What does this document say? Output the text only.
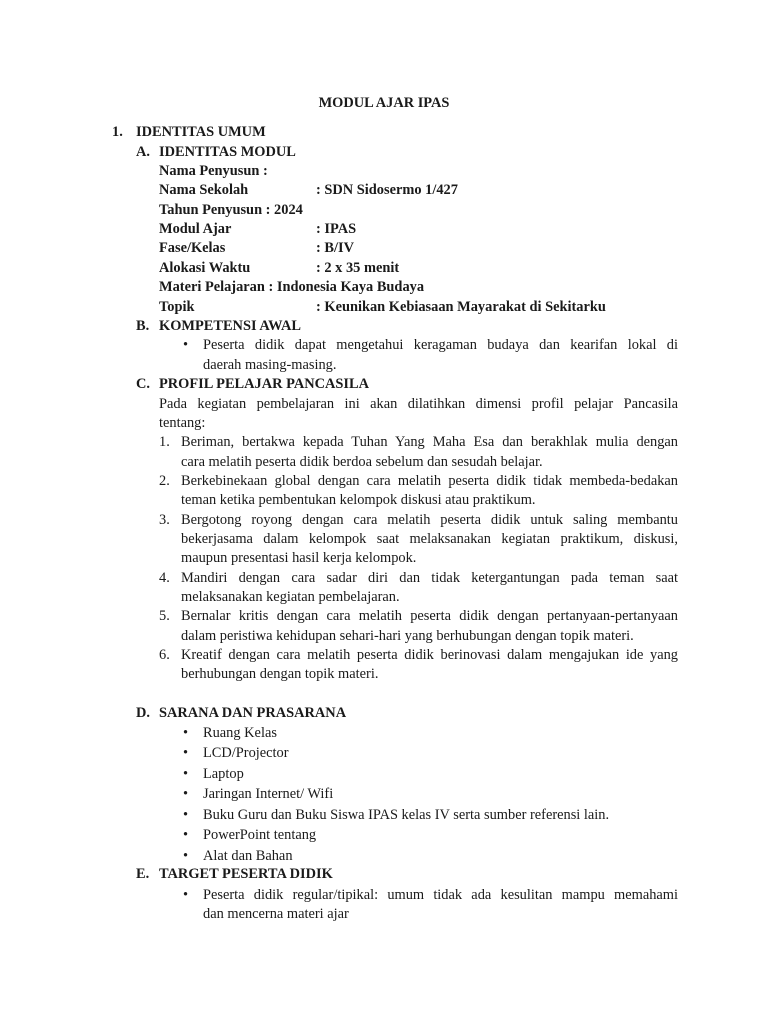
MODUL AJAR IPAS
1. IDENTITAS UMUM
A. IDENTITAS MODUL
Nama Penyusun :
Nama Sekolah	: SDN Sidosermo 1/427
Tahun Penyusun : 2024
Modul Ajar	: IPAS
Fase/Kelas	: B/IV
Alokasi Waktu	: 2 x 35 menit
Materi Pelajaran : Indonesia Kaya Budaya
Topik	: Keunikan Kebiasaan Mayarakat di Sekitarku
B. KOMPETENSI AWAL
• Peserta didik dapat mengetahui keragaman budaya dan kearifan lokal di
daerah masing-masing.
C. PROFIL PELAJAR PANCASILA
Pada kegiatan pembelajaran ini akan dilatihkan dimensi profil pelajar Pancasila
tentang:
1. Beriman, bertakwa kepada Tuhan Yang Maha Esa dan berakhlak mulia dengan
cara melatih peserta didik berdoa sebelum dan sesudah belajar.
2. Berkebinekaan global dengan cara melatih peserta didik tidak membeda-bedakan
teman ketika pembentukan kelompok diskusi atau praktikum.
3. Bergotong royong dengan cara melatih peserta didik untuk saling membantu
bekerjasama dalam kelompok saat melaksanakan kegiatan praktikum, diskusi,
maupun presentasi hasil kerja kelompok.
4. Mandiri dengan cara sadar diri dan tidak ketergantungan pada teman saat
melaksanakan kegiatan pembelajaran.
5. Bernalar kritis dengan cara melatih peserta didik dengan pertanyaan-pertanyaan
dalam peristiwa kehidupan sehari-hari yang berhubungan dengan topik materi.
6. Kreatif dengan cara melatih peserta didik berinovasi dalam mengajukan ide yang
berhubungan dengan topik materi.
D. SARANA DAN PRASARANA
• Ruang Kelas
• LCD/Projector
• Laptop
• Jaringan Internet/ Wifi
• Buku Guru dan Buku Siswa IPAS kelas IV serta sumber referensi lain.
• PowerPoint tentang
• Alat dan Bahan
E. TARGET PESERTA DIDIK
• Peserta didik regular/tipikal: umum tidak ada kesulitan mampu memahami
dan mencerna materi ajar
